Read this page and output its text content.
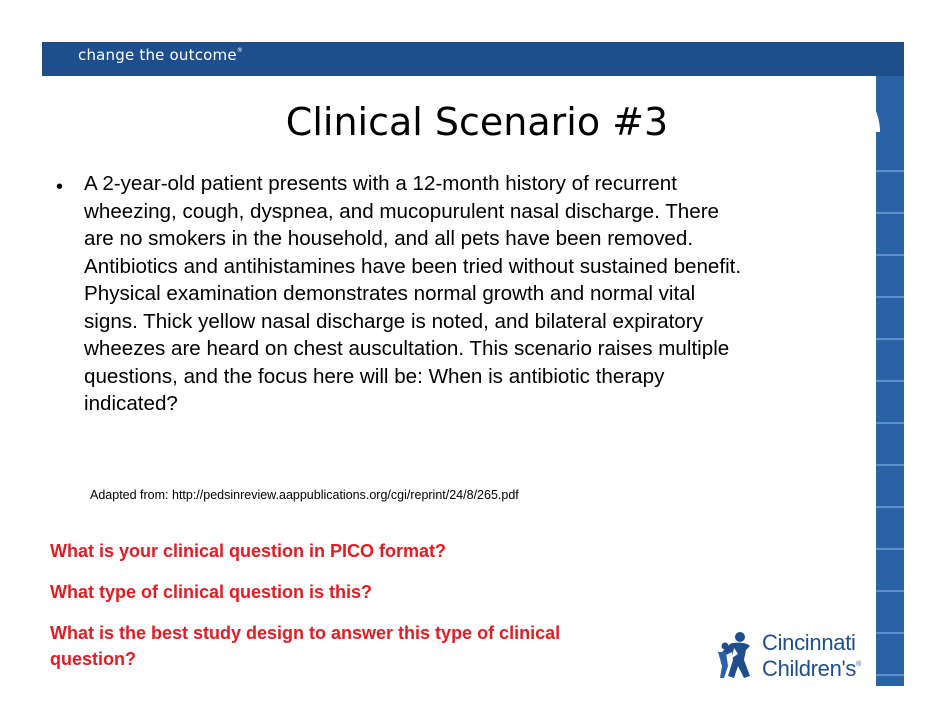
change the outcome®
Clinical Scenario #3
• A 2-year-old patient presents with a 12-month history of recurrent
wheezing, cough, dyspnea, and mucopurulent nasal discharge. There
are no smokers in the household, and all pets have been removed.
Antibiotics and antihistamines have been tried without sustained benefit.
Physical examination demonstrates normal growth and normal vital
signs. Thick yellow nasal discharge is noted, and bilateral expiratory
wheezes are heard on chest auscultation. This scenario raises multiple
questions, and the focus here will be: When is antibiotic therapy
indicated?
Adapted from: http://pedsinreview.aappublications.org/cgi/reprint/24/8/265.pdf
What is your clinical question in PICO format?
What type of clinical question is this?
What is the best study design to answer this type of clinical
question?
Cincinnati
Children's®
